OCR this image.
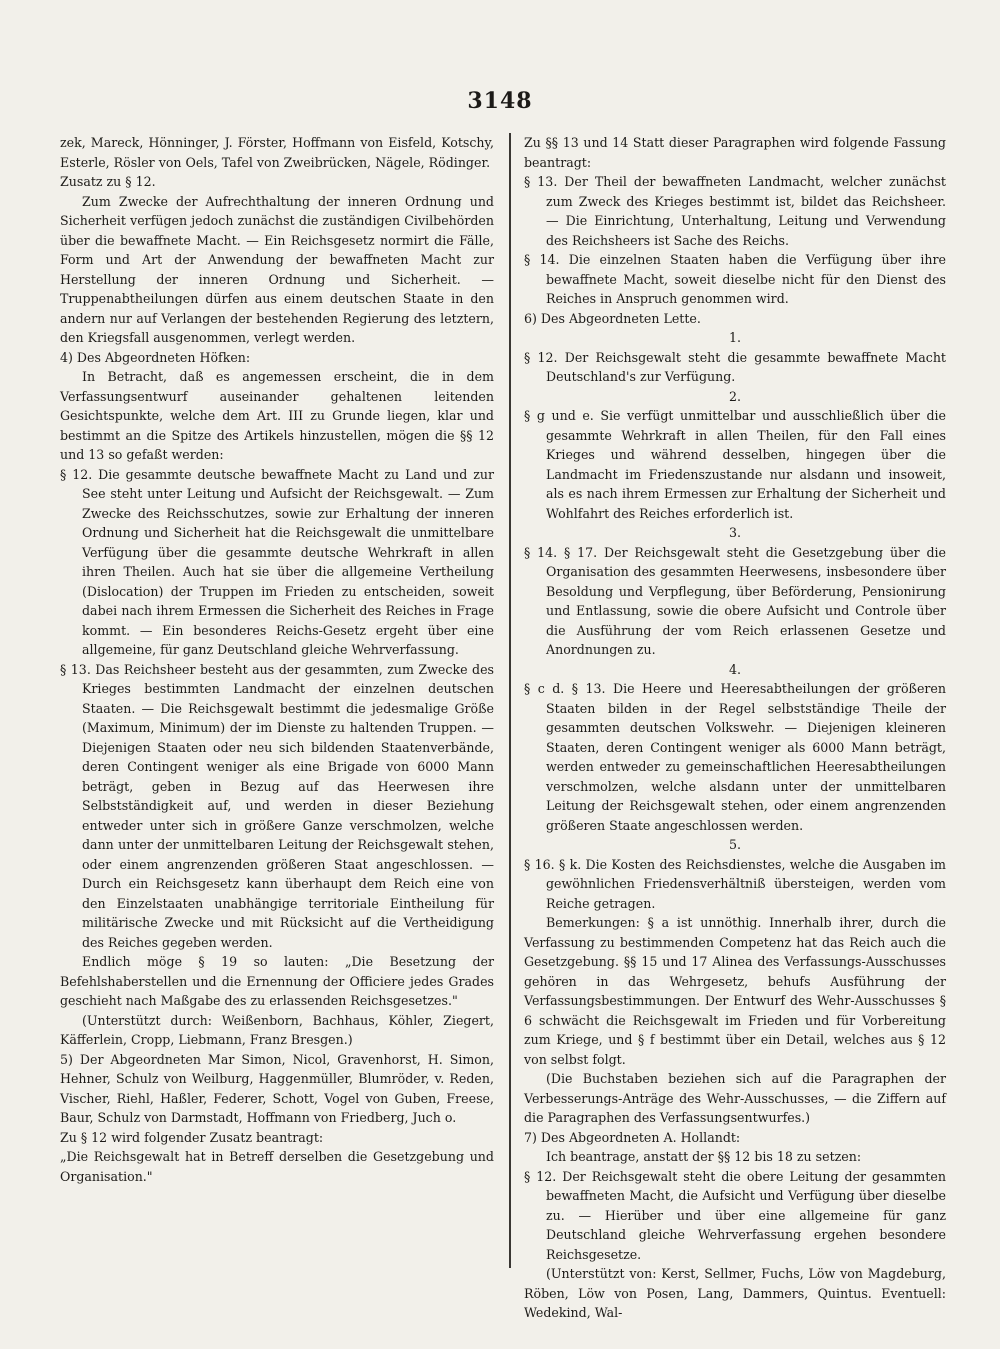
3148

zek, Mareck, Hönninger, J. Förster, Hoffmann von Eisfeld, Kotschy, Esterle, Rösler von Oels, Tafel von Zweibrücken, Nägele, Rödinger.

Zusatz zu § 12.

Zum Zwecke der Aufrechthaltung der inneren Ordnung und Sicherheit verfügen jedoch zunächst die zuständigen Civilbehörden über die bewaffnete Macht. — Ein Reichsgesetz normirt die Fälle, Form und Art der Anwendung der bewaffneten Macht zur Herstellung der inneren Ordnung und Sicherheit. — Truppenabtheilungen dürfen aus einem deutschen Staate in den andern nur auf Verlangen der bestehenden Regierung des letztern, den Kriegsfall ausgenommen, verlegt werden.

4) Des Abgeordneten Höfken:

In Betracht, daß es angemessen erscheint, die in dem Verfassungsentwurf auseinander gehaltenen leitenden Gesichtspunkte, welche dem Art. III zu Grunde liegen, klar und bestimmt an die Spitze des Artikels hinzustellen, mögen die §§ 12 und 13 so gefaßt werden:

§ 12. Die gesammte deutsche bewaffnete Macht zu Land und zur See steht unter Leitung und Aufsicht der Reichsgewalt. — Zum Zwecke des Reichsschutzes, sowie zur Erhaltung der inneren Ordnung und Sicherheit hat die Reichsgewalt die unmittelbare Verfügung über die gesammte deutsche Wehrkraft in allen ihren Theilen. Auch hat sie über die allgemeine Vertheilung (Dislocation) der Truppen im Frieden zu entscheiden, soweit dabei nach ihrem Ermessen die Sicherheit des Reiches in Frage kommt. — Ein besonderes Reichs-Gesetz ergeht über eine allgemeine, für ganz Deutschland gleiche Wehrverfassung.

§ 13. Das Reichsheer besteht aus der gesammten, zum Zwecke des Krieges bestimmten Landmacht der einzelnen deutschen Staaten. — Die Reichsgewalt bestimmt die jedesmalige Größe (Maximum, Minimum) der im Dienste zu haltenden Truppen. — Diejenigen Staaten oder neu sich bildenden Staatenverbände, deren Contingent weniger als eine Brigade von 6000 Mann beträgt, geben in Bezug auf das Heerwesen ihre Selbstständigkeit auf, und werden in dieser Beziehung entweder unter sich in größere Ganze verschmolzen, welche dann unter der unmittelbaren Leitung der Reichsgewalt stehen, oder einem angrenzenden größeren Staat angeschlossen. — Durch ein Reichsgesetz kann überhaupt dem Reich eine von den Einzelstaaten unabhängige territoriale Eintheilung für militärische Zwecke und mit Rücksicht auf die Vertheidigung des Reiches gegeben werden.

Endlich möge § 19 so lauten: „Die Besetzung der Befehlshaberstellen und die Ernennung der Officiere jedes Grades geschieht nach Maßgabe des zu erlassenden Reichsgesetzes."

(Unterstützt durch: Weißenborn, Bachhaus, Köhler, Ziegert, Käfferlein, Cropp, Liebmann, Franz Bresgen.)

5) Der Abgeordneten Mar Simon, Nicol, Gravenhorst, H. Simon, Hehner, Schulz von Weilburg, Haggenmüller, Blumröder, v. Reden, Vischer, Riehl, Haßler, Federer, Schott, Vogel von Guben, Freese, Baur, Schulz von Darmstadt, Hoffmann von Friedberg, Juch o.

Zu § 12 wird folgender Zusatz beantragt:

„Die Reichsgewalt hat in Betreff derselben die Gesetzgebung und Organisation."

Zu §§ 13 und 14 Statt dieser Paragraphen wird folgende Fassung beantragt:

§ 13. Der Theil der bewaffneten Landmacht, welcher zunächst zum Zweck des Krieges bestimmt ist, bildet das Reichsheer. — Die Einrichtung, Unterhaltung, Leitung und Verwendung des Reichsheers ist Sache des Reichs.

§ 14. Die einzelnen Staaten haben die Verfügung über ihre bewaffnete Macht, soweit dieselbe nicht für den Dienst des Reiches in Anspruch genommen wird.

6) Des Abgeordneten Lette.

1.

§ 12. Der Reichsgewalt steht die gesammte bewaffnete Macht Deutschland's zur Verfügung.

2.

§ g und e. Sie verfügt unmittelbar und ausschließlich über die gesammte Wehrkraft in allen Theilen, für den Fall eines Krieges und während desselben, hingegen über die Landmacht im Friedenszustande nur alsdann und insoweit, als es nach ihrem Ermessen zur Erhaltung der Sicherheit und Wohlfahrt des Reiches erforderlich ist.

3.

§ 14. § 17. Der Reichsgewalt steht die Gesetzgebung über die Organisation des gesammten Heerwesens, insbesondere über Besoldung und Verpflegung, über Beförderung, Pensionirung und Entlassung, sowie die obere Aufsicht und Controle über die Ausführung der vom Reich erlassenen Gesetze und Anordnungen zu.

4.

§ c d. § 13. Die Heere und Heeresabtheilungen der größeren Staaten bilden in der Regel selbstständige Theile der gesammten deutschen Volkswehr. — Diejenigen kleineren Staaten, deren Contingent weniger als 6000 Mann beträgt, werden entweder zu gemeinschaftlichen Heeresabtheilungen verschmolzen, welche alsdann unter der unmittelbaren Leitung der Reichsgewalt stehen, oder einem angrenzenden größeren Staate angeschlossen werden.

5.

§ 16. § k. Die Kosten des Reichsdienstes, welche die Ausgaben im gewöhnlichen Friedensverhältniß übersteigen, werden vom Reiche getragen.

Bemerkungen: § a ist unnöthig. Innerhalb ihrer, durch die Verfassung zu bestimmenden Competenz hat das Reich auch die Gesetzgebung. §§ 15 und 17 Alinea des Verfassungs-Ausschusses gehören in das Wehrgesetz, behufs Ausführung der Verfassungsbestimmungen. Der Entwurf des Wehr-Ausschusses § 6 schwächt die Reichsgewalt im Frieden und für Vorbereitung zum Kriege, und § f bestimmt über ein Detail, welches aus § 12 von selbst folgt.

(Die Buchstaben beziehen sich auf die Paragraphen der Verbesserungs-Anträge des Wehr-Ausschusses, — die Ziffern auf die Paragraphen des Verfassungsentwurfes.)

7) Des Abgeordneten A. Hollandt:

Ich beantrage, anstatt der §§ 12 bis 18 zu setzen:

§ 12. Der Reichsgewalt steht die obere Leitung der gesammten bewaffneten Macht, die Aufsicht und Verfügung über dieselbe zu. — Hierüber und über eine allgemeine für ganz Deutschland gleiche Wehrverfassung ergehen besondere Reichsgesetze.

(Unterstützt von: Kerst, Sellmer, Fuchs, Löw von Magdeburg, Röben, Löw von Posen, Lang, Dammers, Quintus. Eventuell: Wedekind, Wal-
